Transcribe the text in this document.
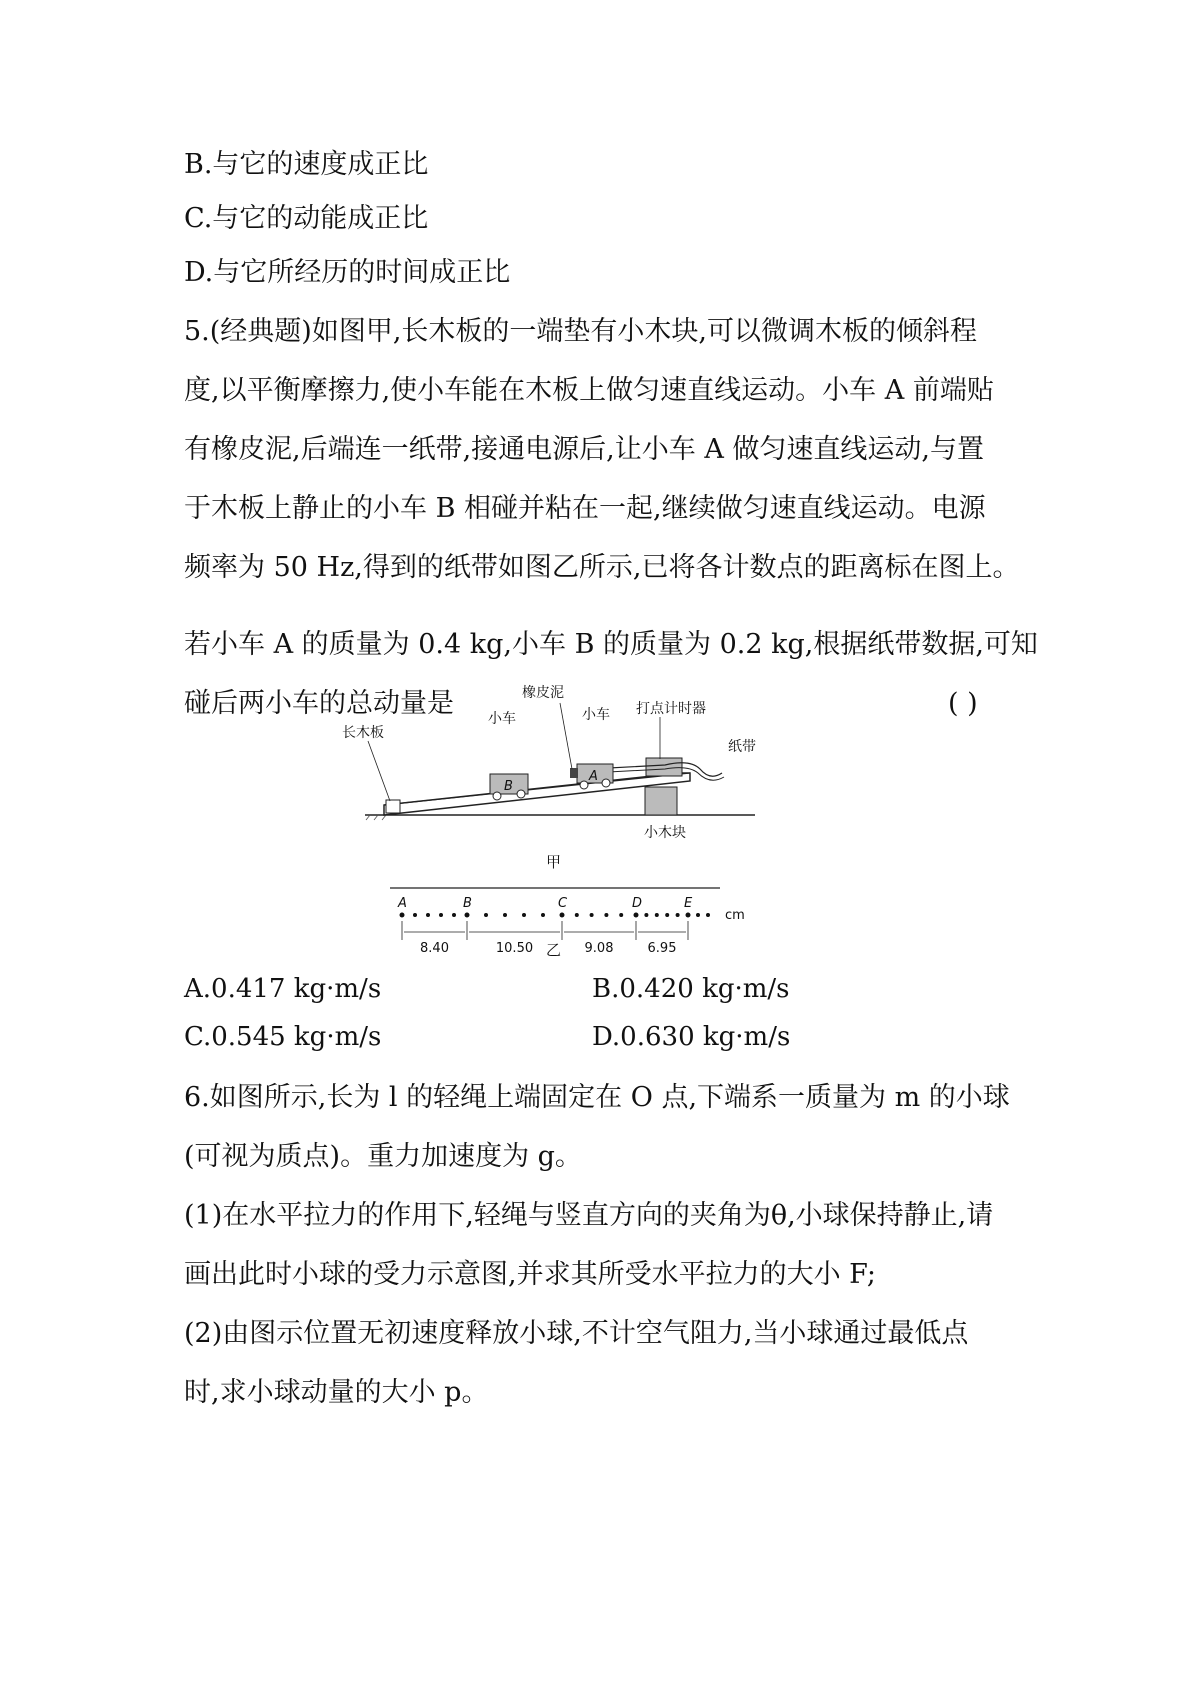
B.与它的速度成正比
C.与它的动能成正比
D.与它所经历的时间成正比
5.(经典题)如图甲,长木板的一端垫有小木块,可以微调木板的倾斜程
度,以平衡摩擦力,使小车能在木板上做匀速直线运动。小车 A 前端贴
有橡皮泥,后端连一纸带,接通电源后,让小车 A 做匀速直线运动,与置
于木板上静止的小车 B 相碰并粘在一起,继续做匀速直线运动。电源
频率为 50 Hz,得到的纸带如图乙所示,已将各计数点的距离标在图上。
若小车 A 的质量为 0.4 kg,小车 B 的质量为 0.2 kg,根据纸带数据,可知
碰后两小车的总动量是	( )
B
A
长木板
小车
橡皮泥
小车 打点计时器
纸带
小木块
甲
A	B	C	D	E
8.40	10.50	9.08	6.95
cm
乙
A.0.417 kg·m/s	B.0.420 kg·m/s
C.0.545 kg·m/s	D.0.630 kg·m/s
6.如图所示,长为 l 的轻绳上端固定在 O 点,下端系一质量为 m 的小球
(可视为质点)。重力加速度为 g。
(1)在水平拉力的作用下,轻绳与竖直方向的夹角为θ,小球保持静止,请
画出此时小球的受力示意图,并求其所受水平拉力的大小 F;
(2)由图示位置无初速度释放小球,不计空气阻力,当小球通过最低点
时,求小球动量的大小 p。
